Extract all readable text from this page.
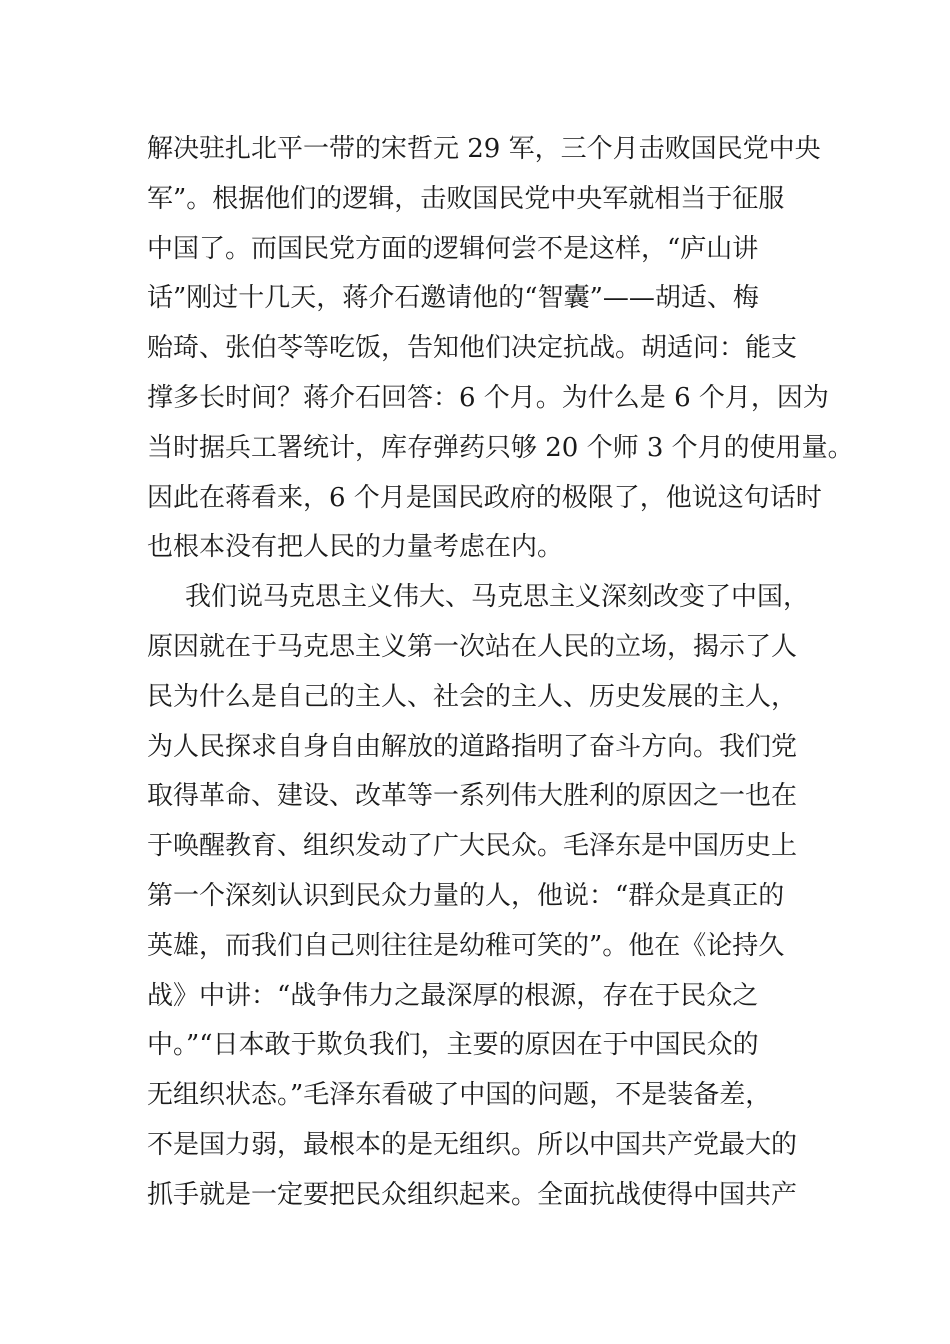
解决驻扎北平一带的宋哲元 29 军，三个月击败国民党中央
军”。根据他们的逻辑，击败国民党中央军就相当于征服
中国了。而国民党方面的逻辑何尝不是这样，“庐山讲
话”刚过十几天，蒋介石邀请他的“智囊”——胡适、梅
贻琦、张伯苓等吃饭，告知他们决定抗战。胡适问：能支
撑多长时间？蒋介石回答：6 个月。为什么是 6 个月，因为
当时据兵工署统计，库存弹药只够 20 个师 3 个月的使用量。
因此在蒋看来，6 个月是国民政府的极限了，他说这句话时
也根本没有把人民的力量考虑在内。
我们说马克思主义伟大、马克思主义深刻改变了中国，
原因就在于马克思主义第一次站在人民的立场，揭示了人
民为什么是自己的主人、社会的主人、历史发展的主人，
为人民探求自身自由解放的道路指明了奋斗方向。我们党
取得革命、建设、改革等一系列伟大胜利的原因之一也在
于唤醒教育、组织发动了广大民众。毛泽东是中国历史上
第一个深刻认识到民众力量的人，他说：“群众是真正的
英雄，而我们自己则往往是幼稚可笑的”。他在《论持久
战》中讲：“战争伟力之最深厚的根源，存在于民众之
中。”“日本敢于欺负我们，主要的原因在于中国民众的
无组织状态。”毛泽东看破了中国的问题，不是装备差，
不是国力弱，最根本的是无组织。所以中国共产党最大的
抓手就是一定要把民众组织起来。全面抗战使得中国共产
